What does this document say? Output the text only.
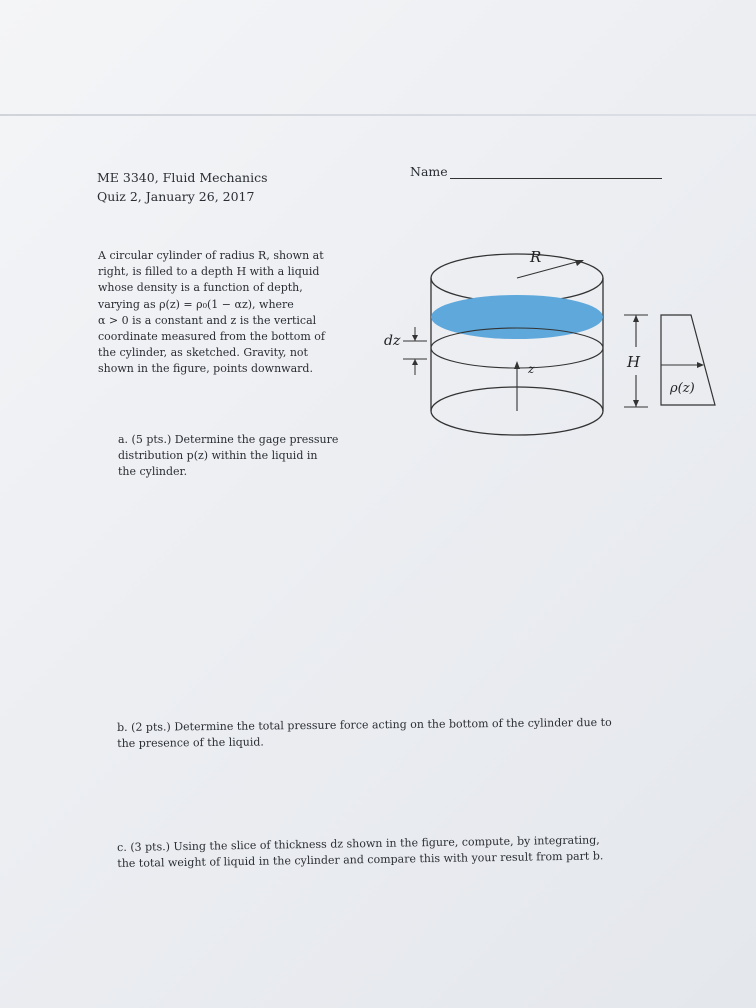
ME 3340, Fluid Mechanics
Quiz 2, January 26, 2017
Name
A circular cylinder of radius R, shown at
right, is filled to a depth H with a liquid
whose density is a function of depth,
varying as ρ(z) = ρ₀(1 − αz), where
α > 0 is a constant and z is the vertical
coordinate measured from the bottom of
the cylinder, as sketched. Gravity, not
shown in the figure, points downward.
R
z
dz
H
ρ(z)
a. (5 pts.) Determine the gage pressure
distribution p(z) within the liquid in
the cylinder.
b. (2 pts.) Determine the total pressure force acting on the bottom of the cylinder due to
the presence of the liquid.
c. (3 pts.) Using the slice of thickness dz shown in the figure, compute, by integrating,
the total weight of liquid in the cylinder and compare this with your result from part b.
